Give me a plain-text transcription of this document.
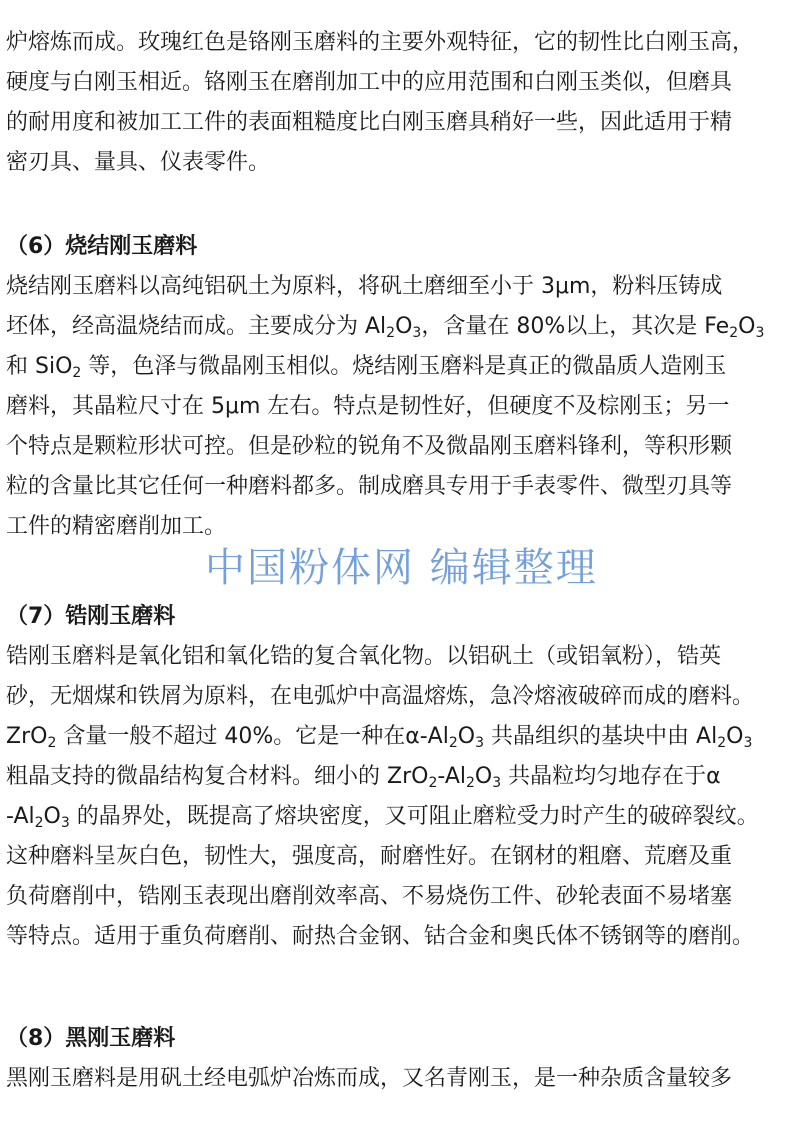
炉熔炼而成。玫瑰红色是铬刚玉磨料的主要外观特征，它的韧性比白刚玉高，
硬度与白刚玉相近。铬刚玉在磨削加工中的应用范围和白刚玉类似，但磨具
的耐用度和被加工工件的表面粗糙度比白刚玉磨具稍好一些，因此适用于精
密刃具、量具、仪表零件。
（6）烧结刚玉磨料
烧结刚玉磨料以高纯铝矾土为原料，将矾土磨细至小于 3μm，粉料压铸成
坯体，经高温烧结而成。主要成分为 $Al_2O_3$，含量在 80%以上，其次是 $Fe_2O_3$
和 SiO$_2$ 等，色泽与微晶刚玉相似。烧结刚玉磨料是真正的微晶质人造刚玉
磨料，其晶粒尺寸在 5μm 左右。特点是韧性好，但硬度不及棕刚玉；另一
个特点是颗粒形状可控。但是砂粒的锐角不及微晶刚玉磨料锋利，等积形颗
粒的含量比其它任何一种磨料都多。制成磨具专用于手表零件、微型刃具等
工件的精密磨削加工。
中国粉体网 编辑整理
（7）锆刚玉磨料
锆刚玉磨料是氧化铝和氧化锆的复合氧化物。以铝矾土（或铝氧粉），锆英
砂，无烟煤和铁屑为原料，在电弧炉中高温熔炼，急冷熔液破碎而成的磨料。
ZrO$_2$ 含量一般不超过 40%。它是一种在$\alpha-Al_2O_3$ 共晶组织的基块中由 $Al_2O_3$
粗晶支持的微晶结构复合材料。细小的 $ZrO_2-Al_2O_3$ 共晶粒均匀地存在于α
$-Al_2O_3$ 的晶界处，既提高了熔块密度，又可阻止磨粒受力时产生的破碎裂纹。
这种磨料呈灰白色，韧性大，强度高，耐磨性好。在钢材的粗磨、荒磨及重
负荷磨削中，锆刚玉表现出磨削效率高、不易烧伤工件、砂轮表面不易堵塞
等特点。适用于重负荷磨削、耐热合金钢、钴合金和奥氏体不锈钢等的磨削。
（8）黑刚玉磨料
黑刚玉磨料是用矾土经电弧炉冶炼而成，又名青刚玉，是一种杂质含量较多
